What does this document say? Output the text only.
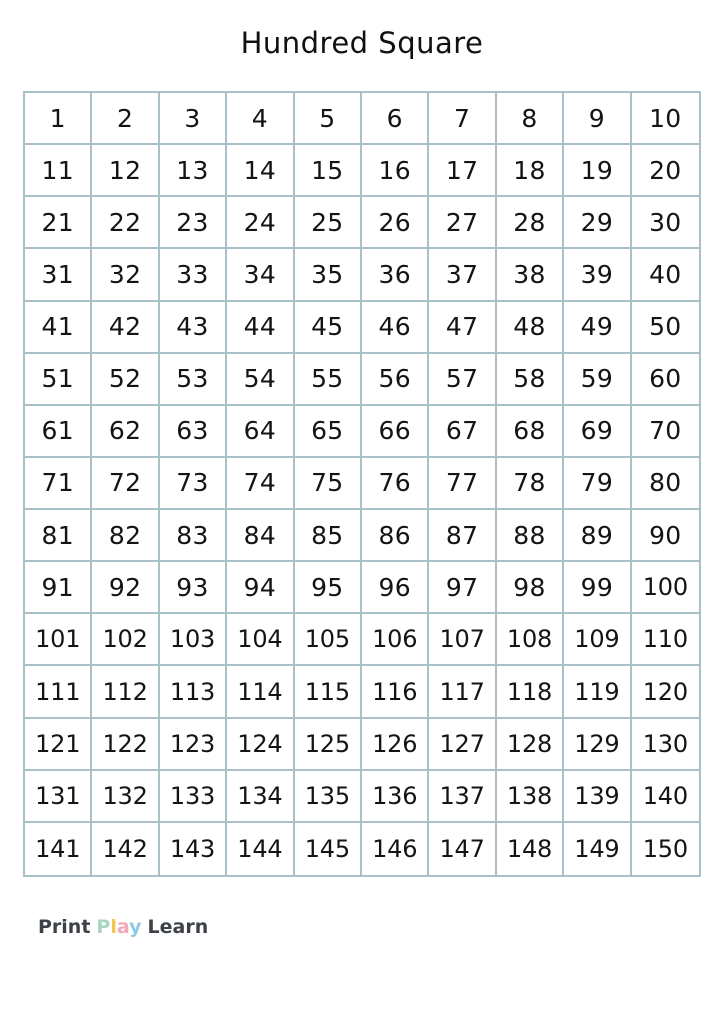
Hundred Square
1	2	3	4	5	6	7	8	9	10
11	12	13	14	15	16	17	18	19	20
21	22	23	24	25	26	27	28	29	30
31	32	33	34	35	36	37	38	39	40
41	42	43	44	45	46	47	48	49	50
51	52	53	54	55	56	57	58	59	60
61	62	63	64	65	66	67	68	69	70
71	72	73	74	75	76	77	78	79	80
81	82	83	84	85	86	87	88	89	90
91	92	93	94	95	96	97	98	99	100
101 102 103 104 105 106 107 108 109 110
111 112 113 114 115 116 117 118 119 120
121 122 123 124 125 126 127 128 129 130
131 132 133 134 135 136 137 138 139 140
141 142 143 144 145 146 147 148 149 150
Print Play Learn
